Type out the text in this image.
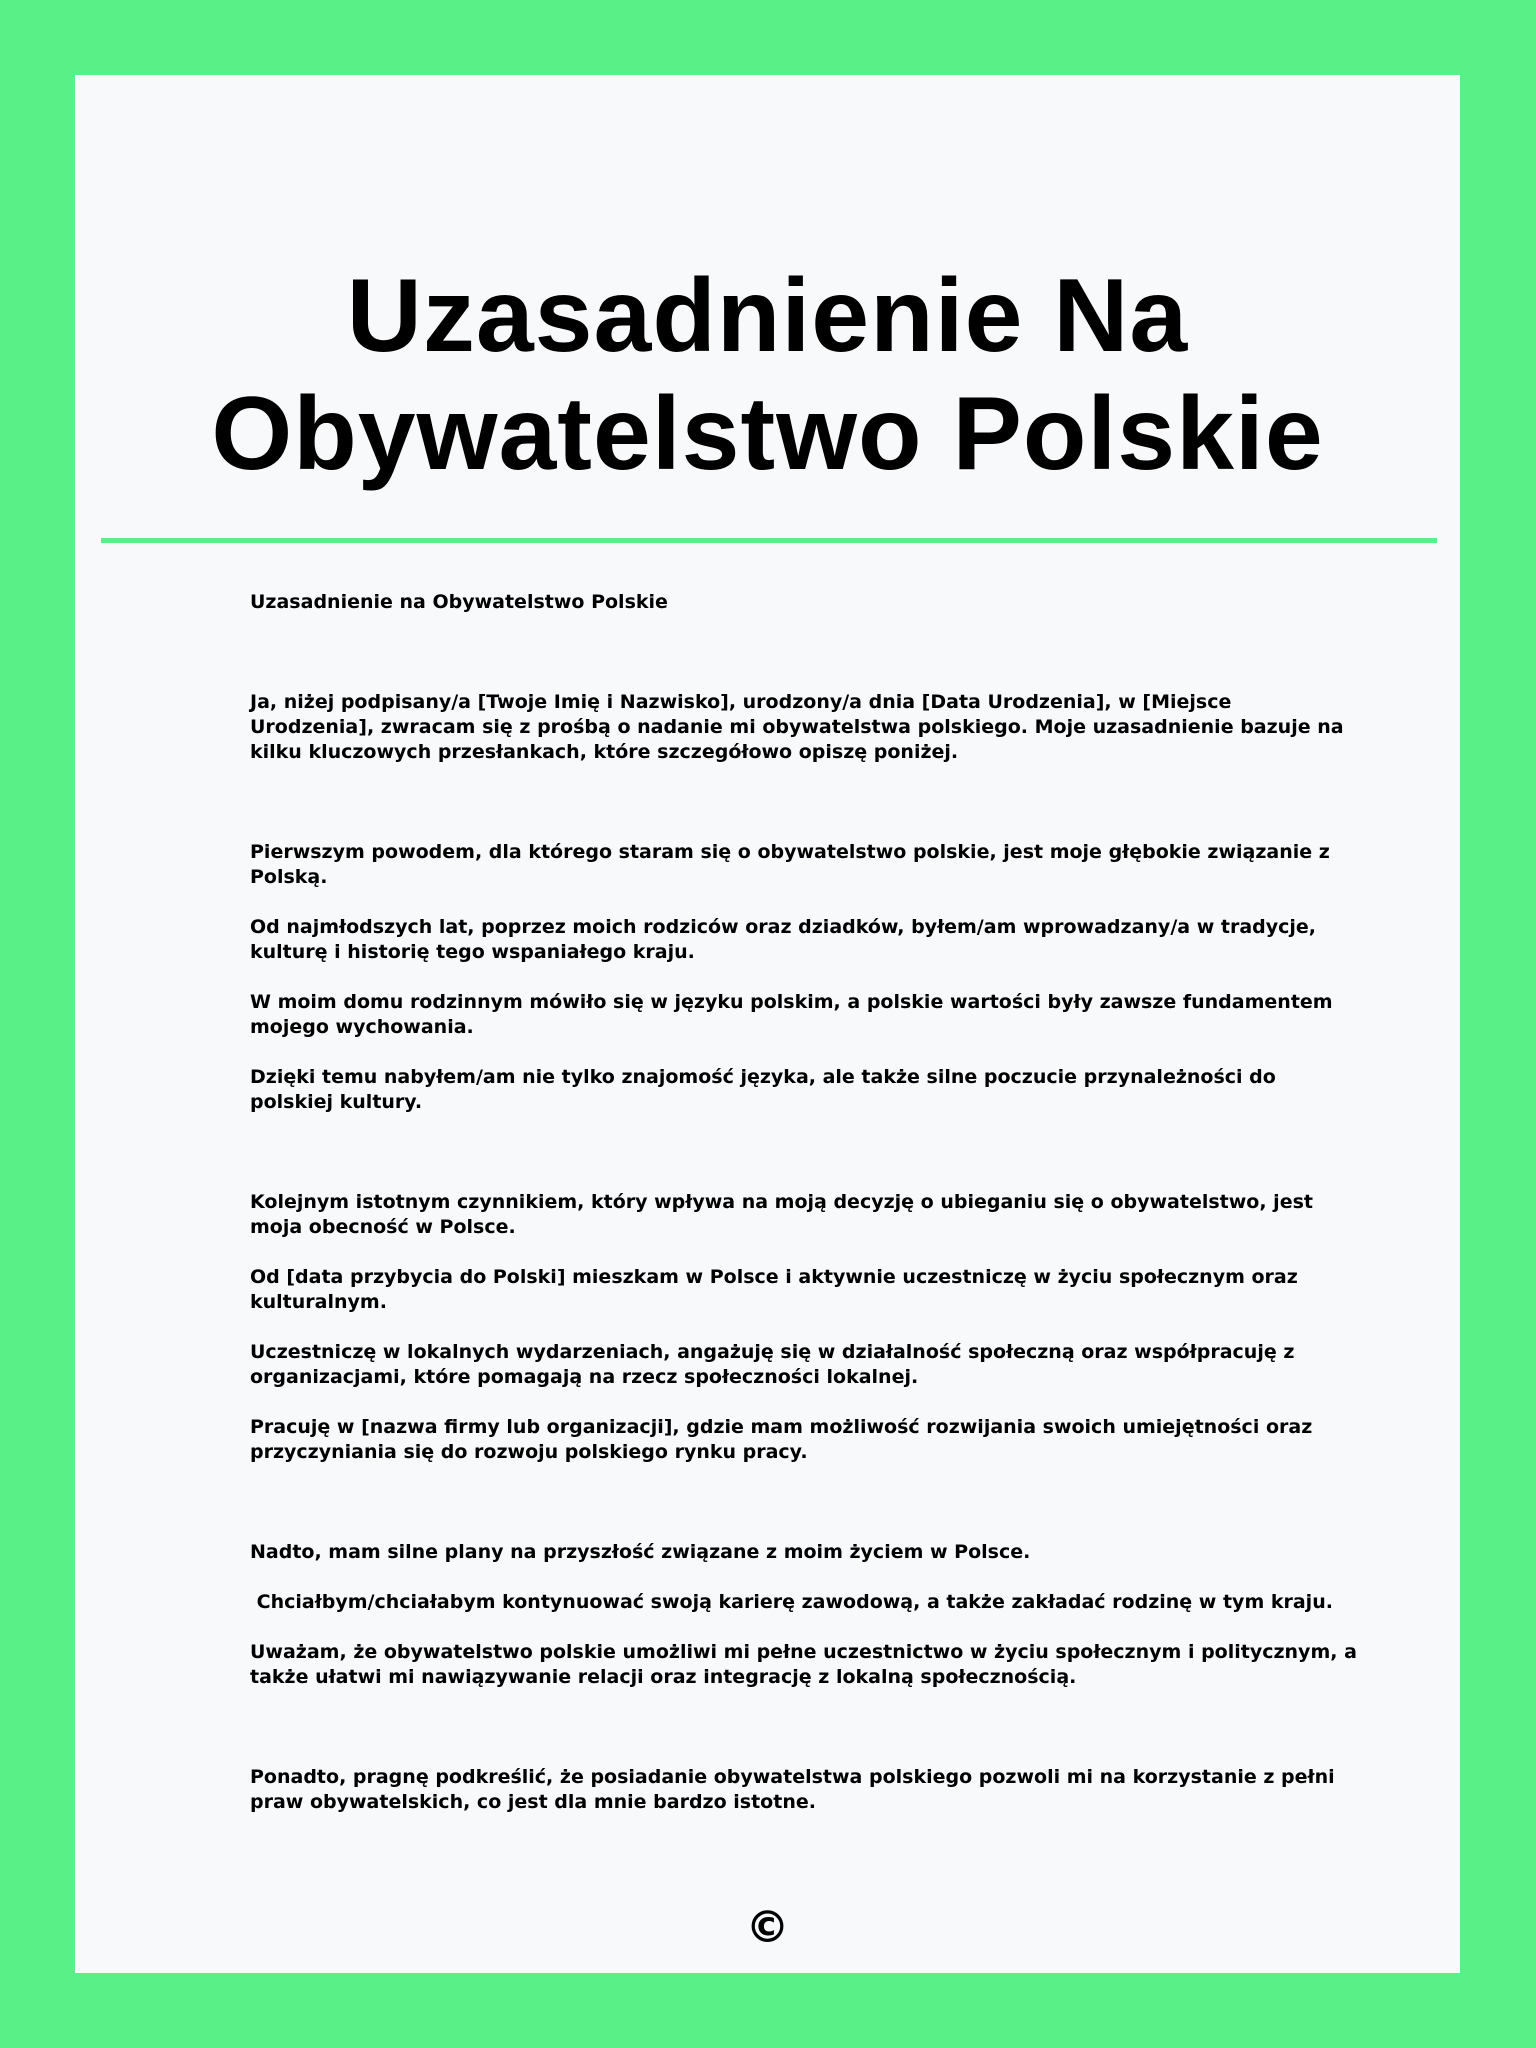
Uzasadnienie Na
Obywatelstwo Polskie

Uzasadnienie na Obywatelstwo Polskie

Ja, niżej podpisany/a [Twoje Imię i Nazwisko], urodzony/a dnia [Data Urodzenia], w [Miejsce Urodzenia], zwracam się z prośbą o nadanie mi obywatelstwa polskiego. Moje uzasadnienie bazuje na kilku kluczowych przesłankach, które szczegółowo opiszę poniżej.

Pierwszym powodem, dla którego staram się o obywatelstwo polskie, jest moje głębokie związanie z Polską.

Od najmłodszych lat, poprzez moich rodziców oraz dziadków, byłem/am wprowadzany/a w tradycje, kulturę i historię tego wspaniałego kraju.

W moim domu rodzinnym mówiło się w języku polskim, a polskie wartości były zawsze fundamentem mojego wychowania.

Dzięki temu nabyłem/am nie tylko znajomość języka, ale także silne poczucie przynależności do polskiej kultury.

Kolejnym istotnym czynnikiem, który wpływa na moją decyzję o ubieganiu się o obywatelstwo, jest moja obecność w Polsce.

Od [data przybycia do Polski] mieszkam w Polsce i aktywnie uczestniczę w życiu społecznym oraz kulturalnym.

Uczestniczę w lokalnych wydarzeniach, angażuję się w działalność społeczną oraz współpracuję z organizacjami, które pomagają na rzecz społeczności lokalnej.

Pracuję w [nazwa firmy lub organizacji], gdzie mam możliwość rozwijania swoich umiejętności oraz przyczyniania się do rozwoju polskiego rynku pracy.

Nadto, mam silne plany na przyszłość związane z moim życiem w Polsce.

Chciałbym/chciałabym kontynuować swoją karierę zawodową, a także zakładać rodzinę w tym kraju.

Uważam, że obywatelstwo polskie umożliwi mi pełne uczestnictwo w życiu społecznym i politycznym, a także ułatwi mi nawiązywanie relacji oraz integrację z lokalną społecznością.

Ponadto, pragnę podkreślić, że posiadanie obywatelstwa polskiego pozwoli mi na korzystanie z pełni praw obywatelskich, co jest dla mnie bardzo istotne.

©
